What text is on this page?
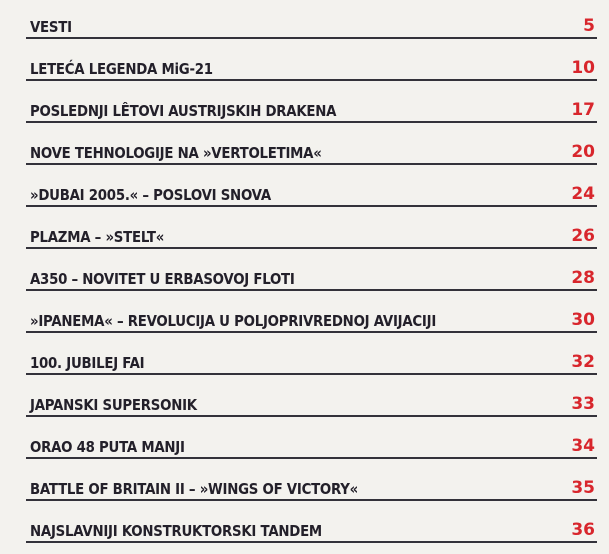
VESTI	5
LETEĆA LEGENDA MiG-21	10
POSLEDNJI LÊTOVI AUSTRIJSKIH DRAKENA	17
NOVE TEHNOLOGIJE NA »VERTOLETIMA«	20
»DUBAI 2005.« – POSLOVI SNOVA	24
PLAZMA – »STELT«	26
A350 – NOVITET U ERBASOVOJ FLOTI	28
»IPANEMA« – REVOLUCIJA U POLJOPRIVREDNOJ AVIJACIJI	30
100. JUBILEJ FAI	32
JAPANSKI SUPERSONIK	33
ORAO 48 PUTA MANJI	34
BATTLE OF BRITAIN II – »WINGS OF VICTORY«	35
NAJSLAVNIJI KONSTRUKTORSKI TANDEM	36
